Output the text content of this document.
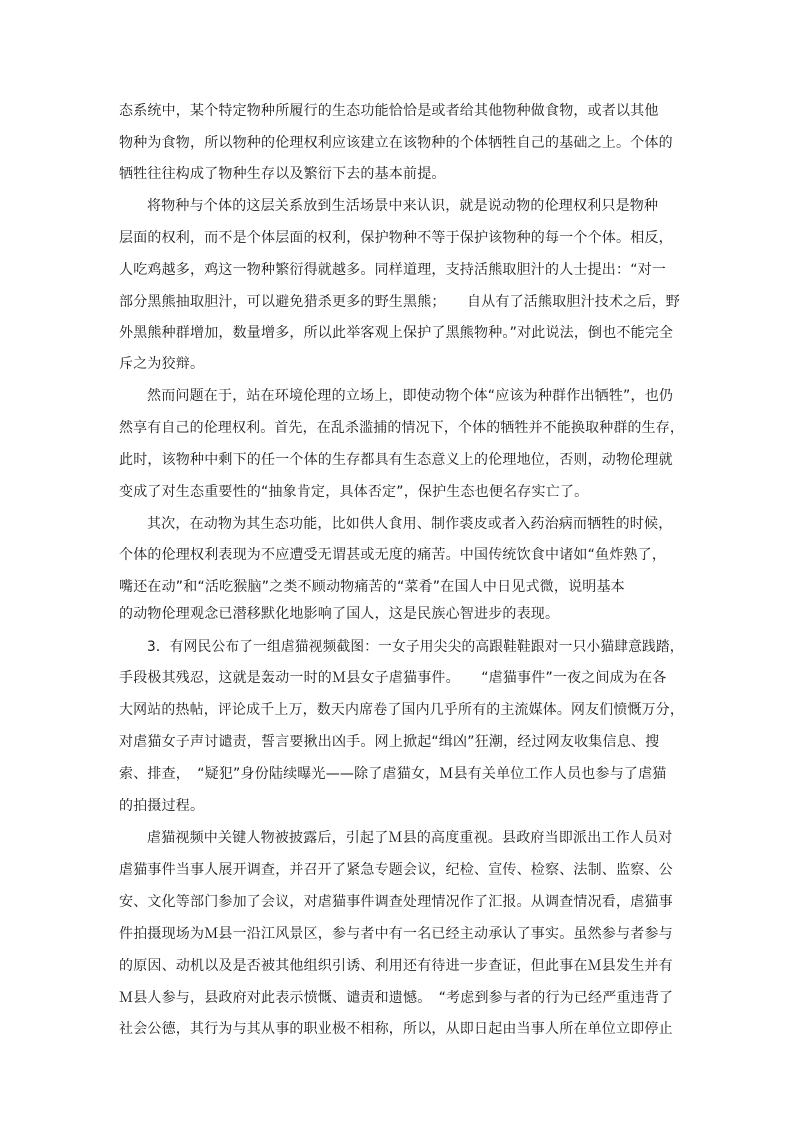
态系统中，某个特定物种所履行的生态功能恰恰是或者给其他物种做食物，或者以其他
物种为食物，所以物种的伦理权利应该建立在该物种的个体牺牲自己的基础之上。个体的
牺牲往往构成了物种生存以及繁衍下去的基本前提。
将物种与个体的这层关系放到生活场景中来认识，就是说动物的伦理权利只是物种
层面的权利，而不是个体层面的权利，保护物种不等于保护该物种的每一个个体。相反，
人吃鸡越多，鸡这一物种繁衍得就越多。同样道理，支持活熊取胆汁的人士提出：“对一
部分黑熊抽取胆汁，可以避免猎杀更多的野生黑熊；　　自从有了活熊取胆汁技术之后，野
外黑熊种群增加，数量增多，所以此举客观上保护了黑熊物种。”对此说法，倒也不能完全
斥之为狡辩。
然而问题在于，站在环境伦理的立场上，即使动物个体“应该为种群作出牺牲”，也仍
然享有自己的伦理权利。首先，在乱杀滥捕的情况下，个体的牺牲并不能换取种群的生存，
此时，该物种中剩下的任一个体的生存都具有生态意义上的伦理地位，否则，动物伦理就
变成了对生态重要性的“抽象肯定，具体否定”，保护生态也便名存实亡了。
其次，在动物为其生态功能，比如供人食用、制作裘皮或者入药治病而牺牲的时候，
个体的伦理权利表现为不应遭受无谓甚或无度的痛苦。中国传统饮食中诸如“鱼炸熟了，
嘴还在动”和“活吃猴脑”之类不顾动物痛苦的“菜肴”在国人中日见式微，说明基本
的动物伦理观念已潜移默化地影响了国人，这是民族心智进步的表现。
3．有网民公布了一组虐猫视频截图：一女子用尖尖的高跟鞋鞋跟对一只小猫肆意践踏，
手段极其残忍，这就是轰动一时的Ｍ县女子虐猫事件。　　“虐猫事件”一夜之间成为在各
大网站的热帖，评论成千上万，数天内席卷了国内几乎所有的主流媒体。网友们愤慨万分，
对虐猫女子声讨谴责，誓言要揪出凶手。网上掀起“缉凶”狂潮，经过网友收集信息、搜
索、排查，　“疑犯”身份陆续曝光——除了虐猫女，Ｍ县有关单位工作人员也参与了虐猫
的拍摄过程。
虐猫视频中关键人物被披露后，引起了Ｍ县的高度重视。县政府当即派出工作人员对
虐猫事件当事人展开调查，并召开了紧急专题会议，纪检、宣传、检察、法制、监察、公
安、文化等部门参加了会议，对虐猫事件调查处理情况作了汇报。从调查情况看，虐猫事
件拍摄现场为Ｍ县一沿江风景区，参与者中有一名已经主动承认了事实。虽然参与者参与
的原因、动机以及是否被其他组织引诱、利用还有待进一步查证，但此事在Ｍ县发生并有
Ｍ县人参与，县政府对此表示愤慨、谴责和遗憾。　“考虑到参与者的行为已经严重违背了
社会公德，其行为与其从事的职业极不相称，所以，从即日起由当事人所在单位立即停止
